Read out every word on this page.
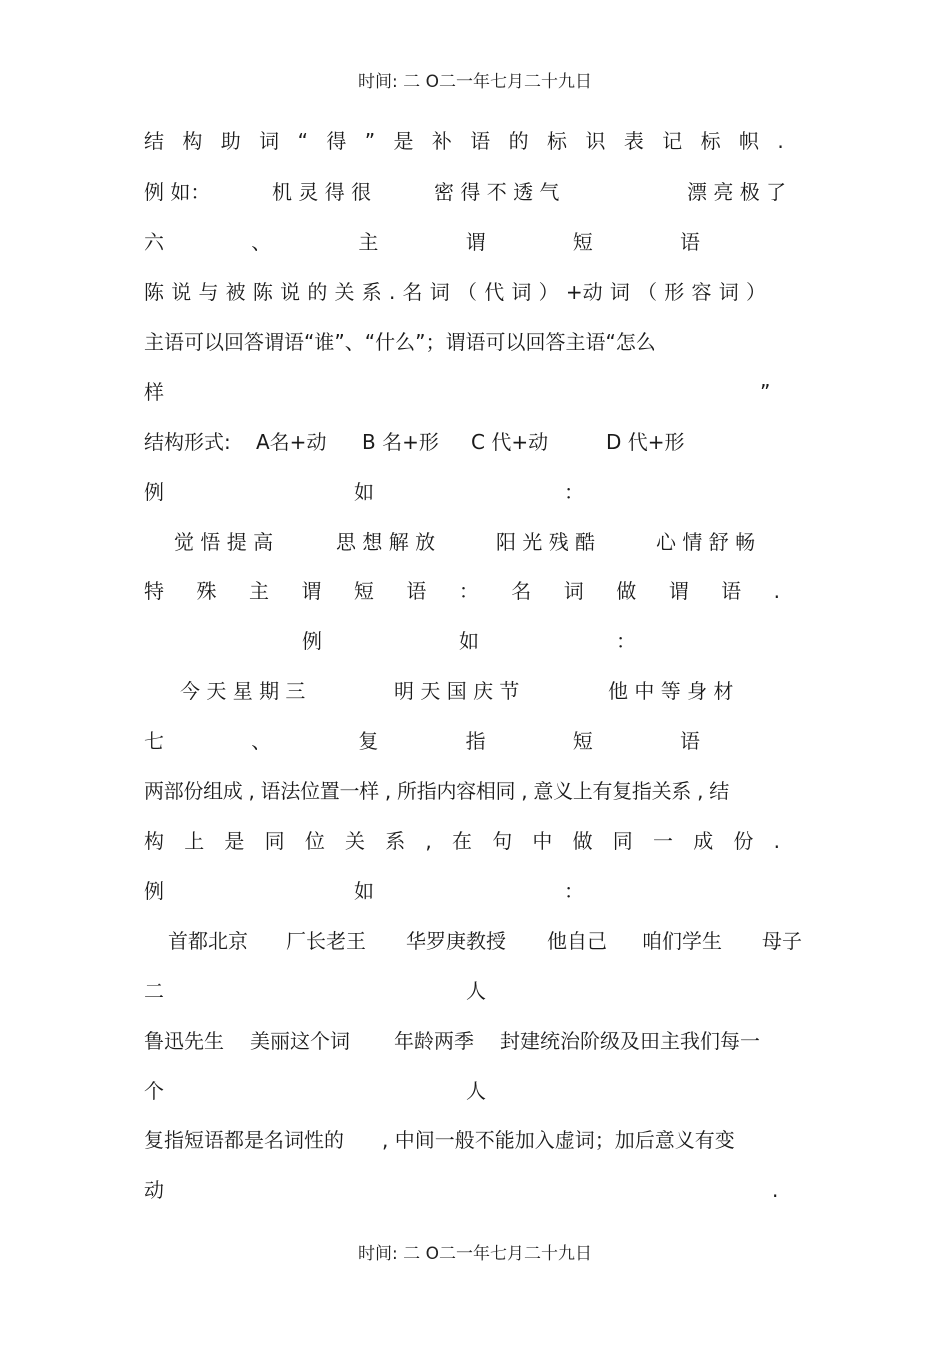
时间: 二 O二一年七月二十九日
结 构 助 词 “ 得 ” 是 补 语 的 标 识 表 记 标 帜 .
例 如：	机 灵 得 很	密 得 不 透 气	漂 亮 极 了
六	、	主	谓	短	语
陈 说 与 被 陈 说 的 关 系 . 名 词 （ 代 词 ） +动 词 （ 形 容 词 ）
主语可以回答谓语“谁”、“什么”；谓语可以回答主语“怎么
样	”
结构形式: A名+动 B 名+形 C 代+动	D 代+形
例	如	：
觉 悟 提 高	思 想 解 放	阳 光 残 酷	心 情 舒 畅
特 殊 主 谓 短 语 ： 名 词 做 谓 语 .
例	如	：
今 天 星 期 三	明 天 国 庆 节	他 中 等 身 材
七	、	复	指	短	语
两部份组成 , 语法位置一样 , 所指内容相同 , 意义上有复指关系 , 结
构 上 是 同 位 关 系 , 在 句 中 做 同 一 成 份 .
例	如	：
首都北京 厂长老王 华罗庚教授 他自己 咱们学生 母子
二	人
鲁迅先生 美丽这个词 年龄两季 封建统治阶级及田主我们每一
个	人
复指短语都是名词性的 , 中间一般不能加入虚词；加后意义有变
动	.
时间: 二 O二一年七月二十九日
